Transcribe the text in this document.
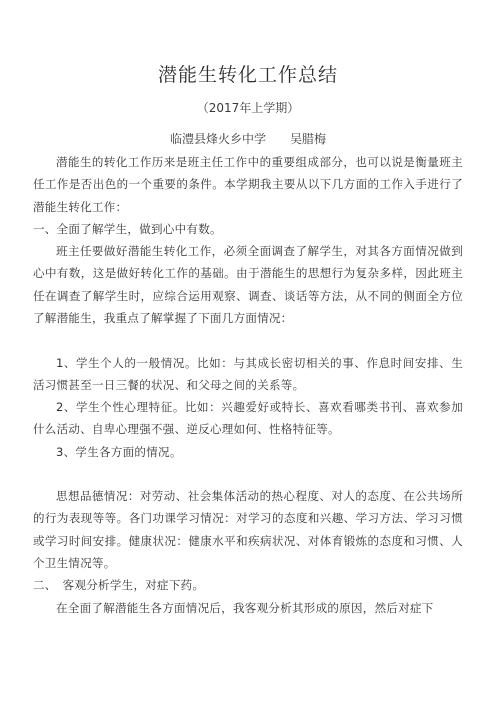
潜能生转化工作总结
（2017年上学期）
临澧县烽火乡中学　　吴腊梅
潜能生的转化工作历来是班主任工作中的重要组成部分，也可以说是衡量班主任工作是否出色的一个重要的条件。本学期我主要从以下几方面的工作入手进行了潜能生转化工作：
一、全面了解学生，做到心中有数。
班主任要做好潜能生转化工作，必须全面调查了解学生，对其各方面情况做到心中有数，这是做好转化工作的基础。由于潜能生的思想行为复杂多样，因此班主任在调查了解学生时，应综合运用观察、调查、谈话等方法，从不同的侧面全方位了解潜能生，我重点了解掌握了下面几方面情况：
1、学生个人的一般情况。比如：与其成长密切相关的事、作息时间安排、生活习惯甚至一日三餐的状况、和父母之间的关系等。
2、学生个性心理特征。比如：兴趣爱好或特长、喜欢看哪类书刊、喜欢参加什么活动、自卑心理强不强、逆反心理如何、性格特征等。
3、学生各方面的情况。
思想品德情况：对劳动、社会集体活动的热心程度、对人的态度、在公共场所的行为表现等等。各门功课学习情况：对学习的态度和兴趣、学习方法、学习习惯或学习时间安排。健康状况：健康水平和疾病状况、对体育锻炼的态度和习惯、人个卫生情况等。
二、　客观分析学生，对症下药。
在全面了解潜能生各方面情况后，我客观分析其形成的原因，然后对症下
